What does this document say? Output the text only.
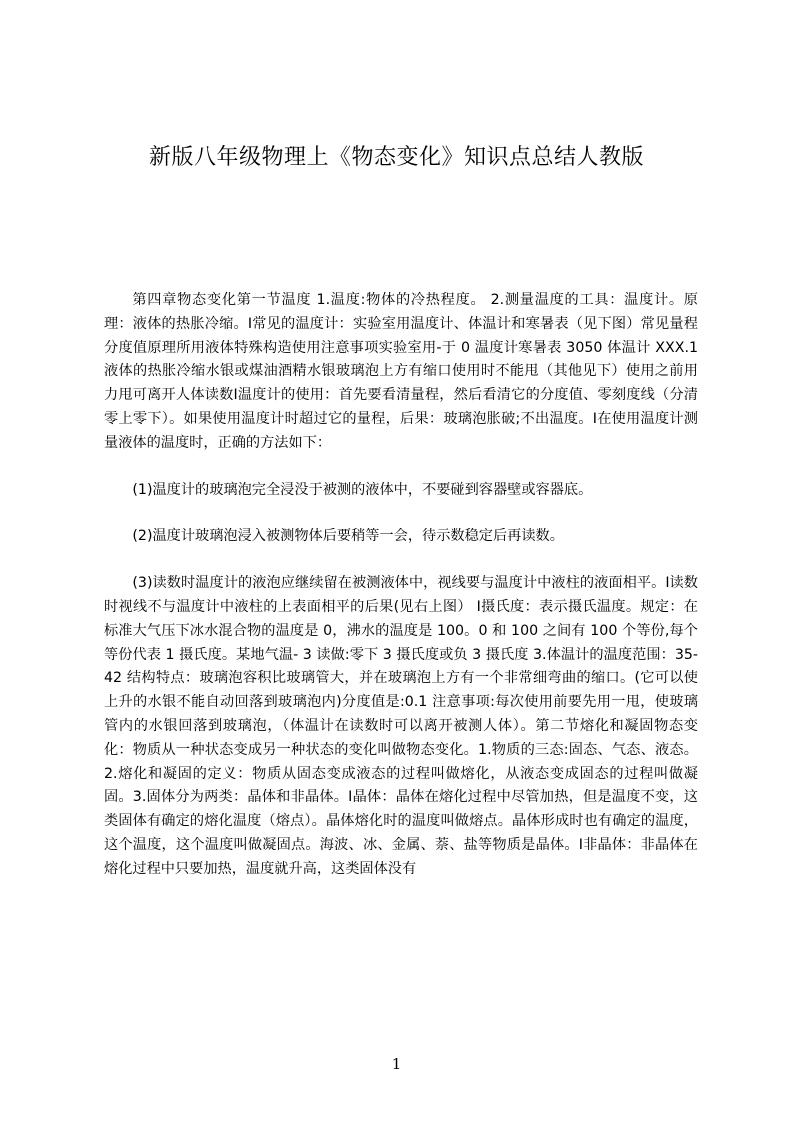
新版八年级物理上《物态变化》知识点总结人教版

第四章物态变化第一节温度 1.温度:物体的冷热程度。 2.测量温度的工具：温度计。原理：液体的热胀冷缩。Ⅰ常见的温度计：实验室用温度计、体温计和寒暑表（见下图）常见量程分度值原理所用液体特殊构造使用注意事项实验室用-于 0 温度计寒暑表 3050 体温计 XXX.1 液体的热胀冷缩水银或煤油酒精水银玻璃泡上方有缩口使用时不能甩（其他见下）使用之前用力甩可离开人体读数Ⅰ温度计的使用：首先要看清量程，然后看清它的分度值、零刻度线（分清零上零下）。如果使用温度计时超过它的量程，后果：玻璃泡胀破;不出温度。Ⅰ在使用温度计测量液体的温度时，正确的方法如下：

(1)温度计的玻璃泡完全浸没于被测的液体中，不要碰到容器壁或容器底。

(2)温度计玻璃泡浸入被测物体后要稍等一会，待示数稳定后再读数。

(3)读数时温度计的液泡应继续留在被测液体中，视线要与温度计中液柱的液面相平。Ⅰ读数时视线不与温度计中液柱的上表面相平的后果(见右上图） Ⅰ摄氏度：表示摄氏温度。规定：在标准大气压下冰水混合物的温度是 0，沸水的温度是 100。0 和 100 之间有 100 个等份,每个等份代表 1 摄氏度。某地气温- 3 读做:零下 3 摄氏度或负 3 摄氏度 3.体温计的温度范围：35-42 结构特点：玻璃泡容积比玻璃管大，并在玻璃泡上方有一个非常细弯曲的缩口。(它可以使上升的水银不能自动回落到玻璃泡内)分度值是:0.1 注意事项:每次使用前要先用一甩，使玻璃管内的水银回落到玻璃泡，（体温计在读数时可以离开被测人体）。第二节熔化和凝固物态变化：物质从一种状态变成另一种状态的变化叫做物态变化。1.物质的三态:固态、气态、液态。 2.熔化和凝固的定义：物质从固态变成液态的过程叫做熔化，从液态变成固态的过程叫做凝固。3.固体分为两类：晶体和非晶体。Ⅰ晶体：晶体在熔化过程中尽管加热，但是温度不变，这类固体有确定的熔化温度（熔点）。晶体熔化时的温度叫做熔点。晶体形成时也有确定的温度，这个温度，这个温度叫做凝固点。海波、冰、金属、萘、盐等物质是晶体。Ⅰ非晶体：非晶体在熔化过程中只要加热，温度就升高，这类固体没有

1
